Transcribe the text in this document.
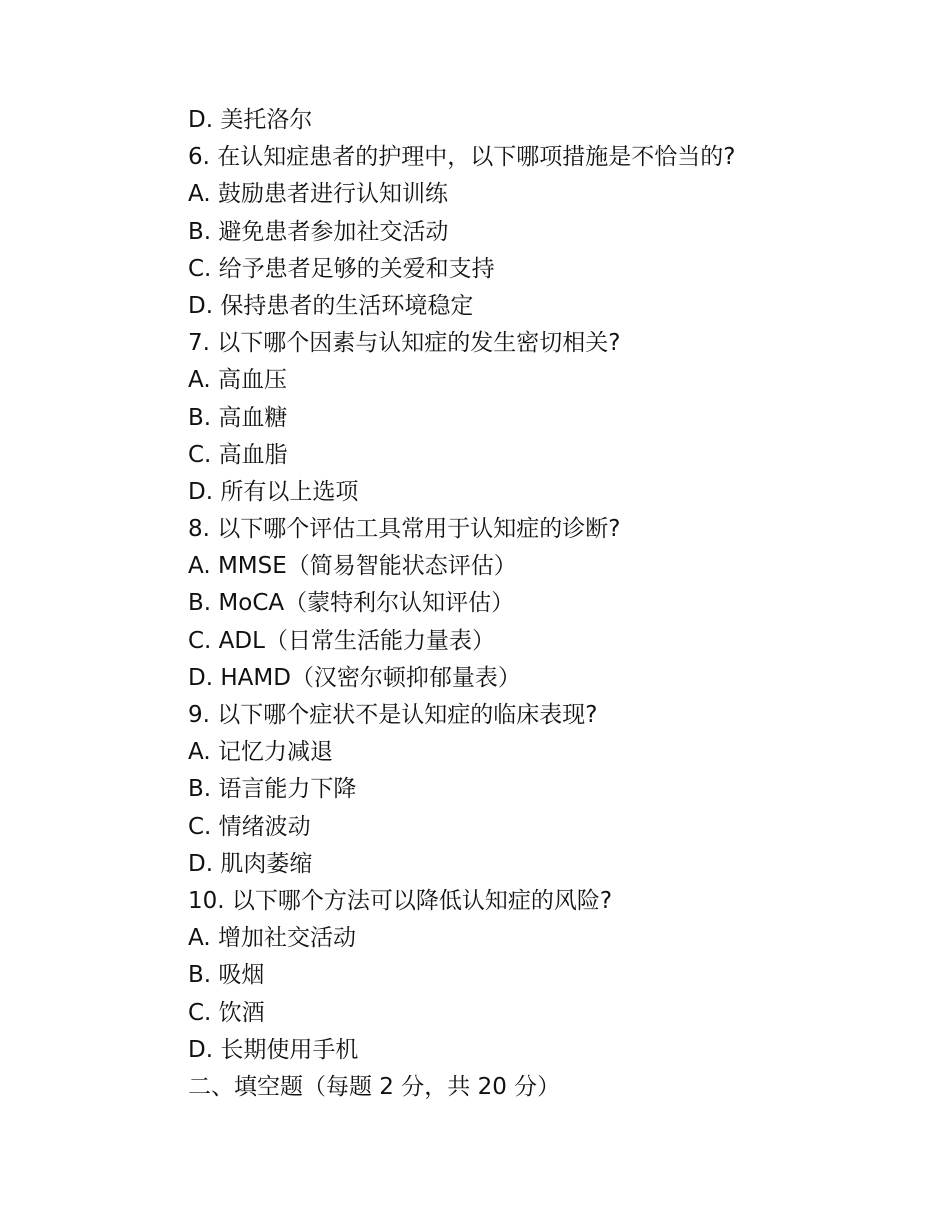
D. 美托洛尔
6. 在认知症患者的护理中，以下哪项措施是不恰当的?
A. 鼓励患者进行认知训练
B. 避免患者参加社交活动
C. 给予患者足够的关爱和支持
D. 保持患者的生活环境稳定
7. 以下哪个因素与认知症的发生密切相关?
A. 高血压
B. 高血糖
C. 高血脂
D. 所有以上选项
8. 以下哪个评估工具常用于认知症的诊断?
A. MMSE（简易智能状态评估）
B. MoCA（蒙特利尔认知评估）
C. ADL（日常生活能力量表）
D. HAMD（汉密尔顿抑郁量表）
9. 以下哪个症状不是认知症的临床表现?
A. 记忆力减退
B. 语言能力下降
C. 情绪波动
D. 肌肉萎缩
10. 以下哪个方法可以降低认知症的风险?
A. 增加社交活动
B. 吸烟
C. 饮酒
D. 长期使用手机
二、填空题（每题 2 分，共 20 分）
